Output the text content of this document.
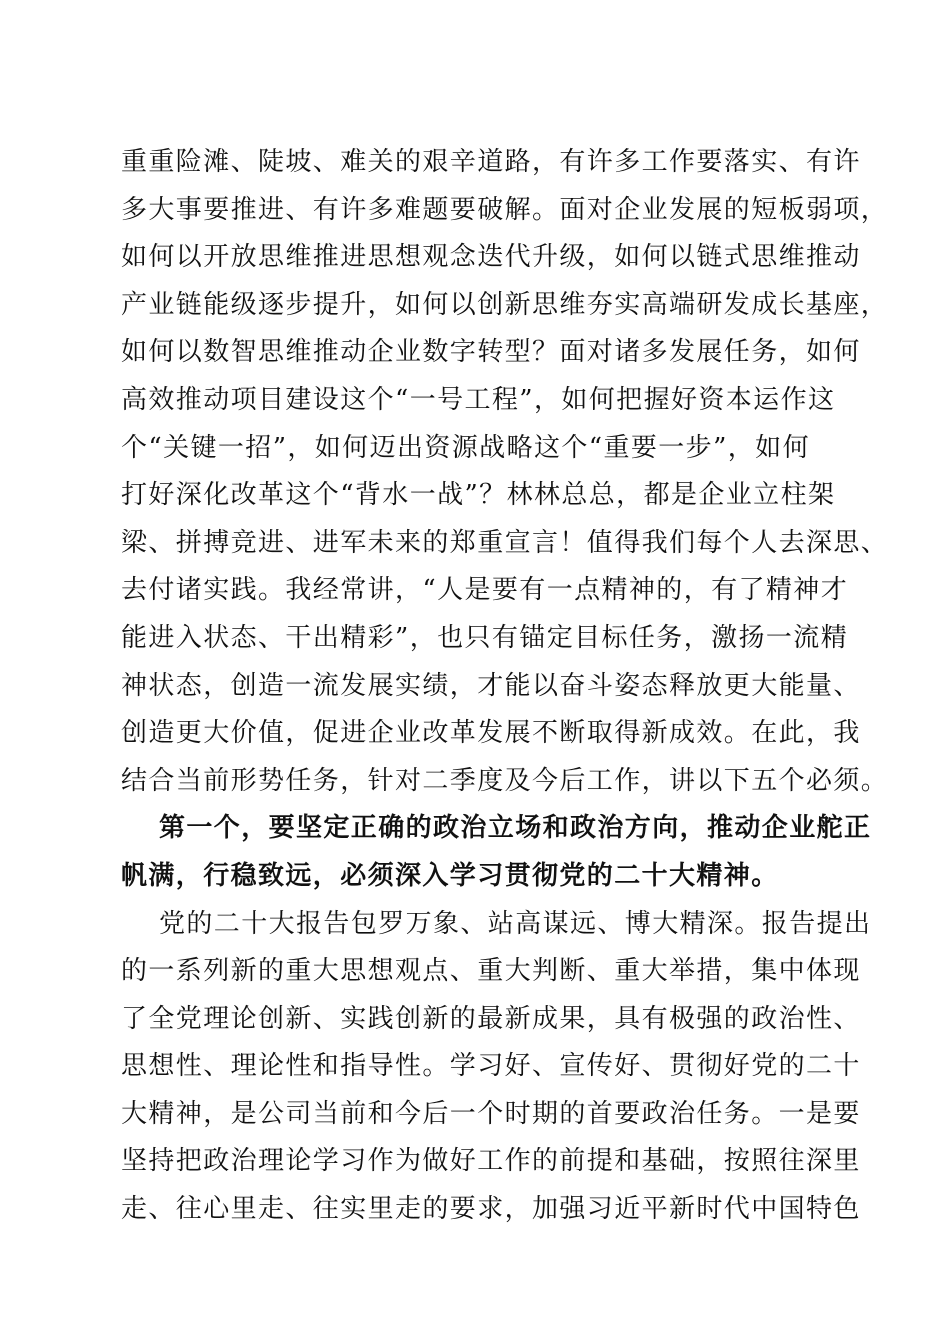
重重险滩、陡坡、难关的艰辛道路，有许多工作要落实、有许
多大事要推进、有许多难题要破解。面对企业发展的短板弱项，
如何以开放思维推进思想观念迭代升级，如何以链式思维推动
产业链能级逐步提升，如何以创新思维夯实高端研发成长基座，
如何以数智思维推动企业数字转型？面对诸多发展任务，如何
高效推动项目建设这个“一号工程”，如何把握好资本运作这
个“关键一招”，如何迈出资源战略这个“重要一步”，如何
打好深化改革这个“背水一战”？林林总总，都是企业立柱架
梁、拼搏竞进、进军未来的郑重宣言！值得我们每个人去深思、
去付诸实践。我经常讲，“人是要有一点精神的，有了精神才
能进入状态、干出精彩”，也只有锚定目标任务，激扬一流精
神状态，创造一流发展实绩，才能以奋斗姿态释放更大能量、
创造更大价值，促进企业改革发展不断取得新成效。在此，我
结合当前形势任务，针对二季度及今后工作，讲以下五个必须。
第一个，要坚定正确的政治立场和政治方向，推动企业舵正
帆满，行稳致远，必须深入学习贯彻党的二十大精神。
党的二十大报告包罗万象、站高谋远、博大精深。报告提出
的一系列新的重大思想观点、重大判断、重大举措，集中体现
了全党理论创新、实践创新的最新成果，具有极强的政治性、
思想性、理论性和指导性。学习好、宣传好、贯彻好党的二十
大精神，是公司当前和今后一个时期的首要政治任务。一是要
坚持把政治理论学习作为做好工作的前提和基础，按照往深里
走、往心里走、往实里走的要求，加强习近平新时代中国特色
